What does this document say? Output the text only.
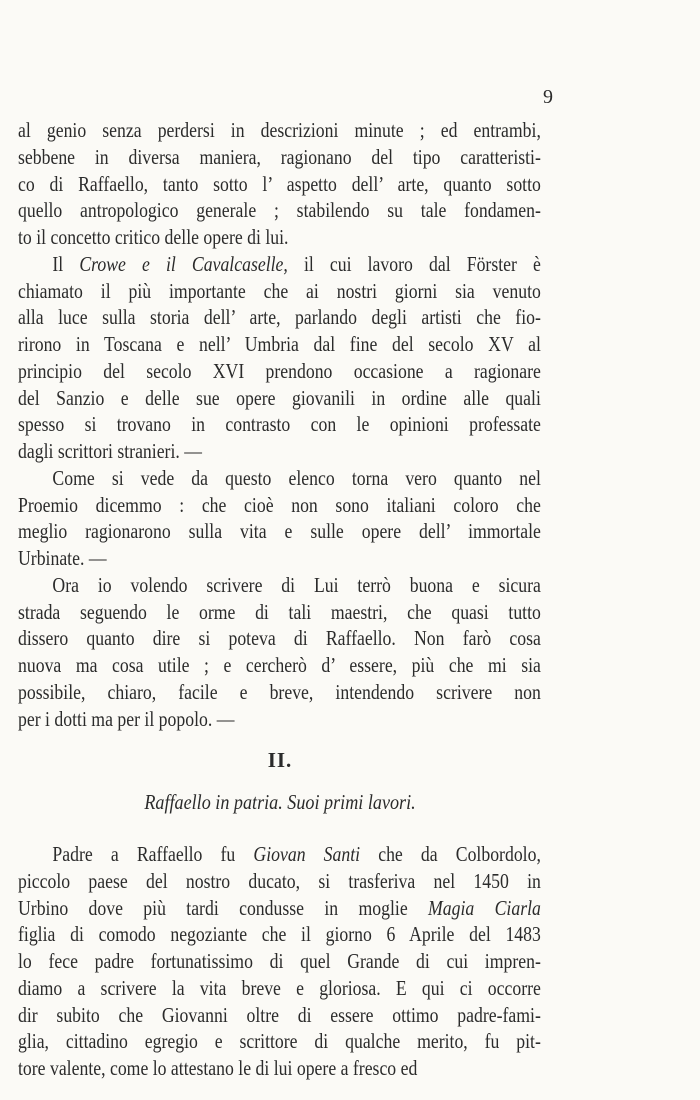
9
al genio senza perdersi in descrizioni minute ; ed entrambi,
sebbene in diversa maniera, ragionano del tipo caratteristi-
co di Raffaello, tanto sotto l’ aspetto dell’ arte, quanto sotto
quello antropologico generale ; stabilendo su tale fondamen-
to il concetto critico delle opere di lui.
Il Crowe e il Cavalcaselle, il cui lavoro dal Förster è
chiamato il più importante che ai nostri giorni sia venuto
alla luce sulla storia dell’ arte, parlando degli artisti che fio-
rirono in Toscana e nell’ Umbria dal fine del secolo XV al
principio del secolo XVI prendono occasione a ragionare
del Sanzio e delle sue opere giovanili in ordine alle quali
spesso si trovano in contrasto con le opinioni professate
dagli scrittori stranieri. —
Come si vede da questo elenco torna vero quanto nel
Proemio dicemmo : che cioè non sono italiani coloro che
meglio ragionarono sulla vita e sulle opere dell’ immortale
Urbinate. —
Ora io volendo scrivere di Lui terrò buona e sicura
strada seguendo le orme di tali maestri, che quasi tutto
dissero quanto dire si poteva di Raffaello. Non farò cosa
nuova ma cosa utile ; e cercherò d’ essere, più che mi sia
possibile, chiaro, facile e breve, intendendo scrivere non
per i dotti ma per il popolo. —
II.
Raffaello in patria. Suoi primi lavori.
Padre a Raffaello fu Giovan Santi che da Colbordolo,
piccolo paese del nostro ducato, si trasferiva nel 1450 in
Urbino dove più tardi condusse in moglie Magia Ciarla
figlia di comodo negoziante che il giorno 6 Aprile del 1483
lo fece padre fortunatissimo di quel Grande di cui impren-
diamo a scrivere la vita breve e gloriosa. E qui ci occorre
dir subito che Giovanni oltre di essere ottimo padre-fami-
glia, cittadino egregio e scrittore di qualche merito, fu pit-
tore valente, come lo attestano le di lui opere a fresco ed
